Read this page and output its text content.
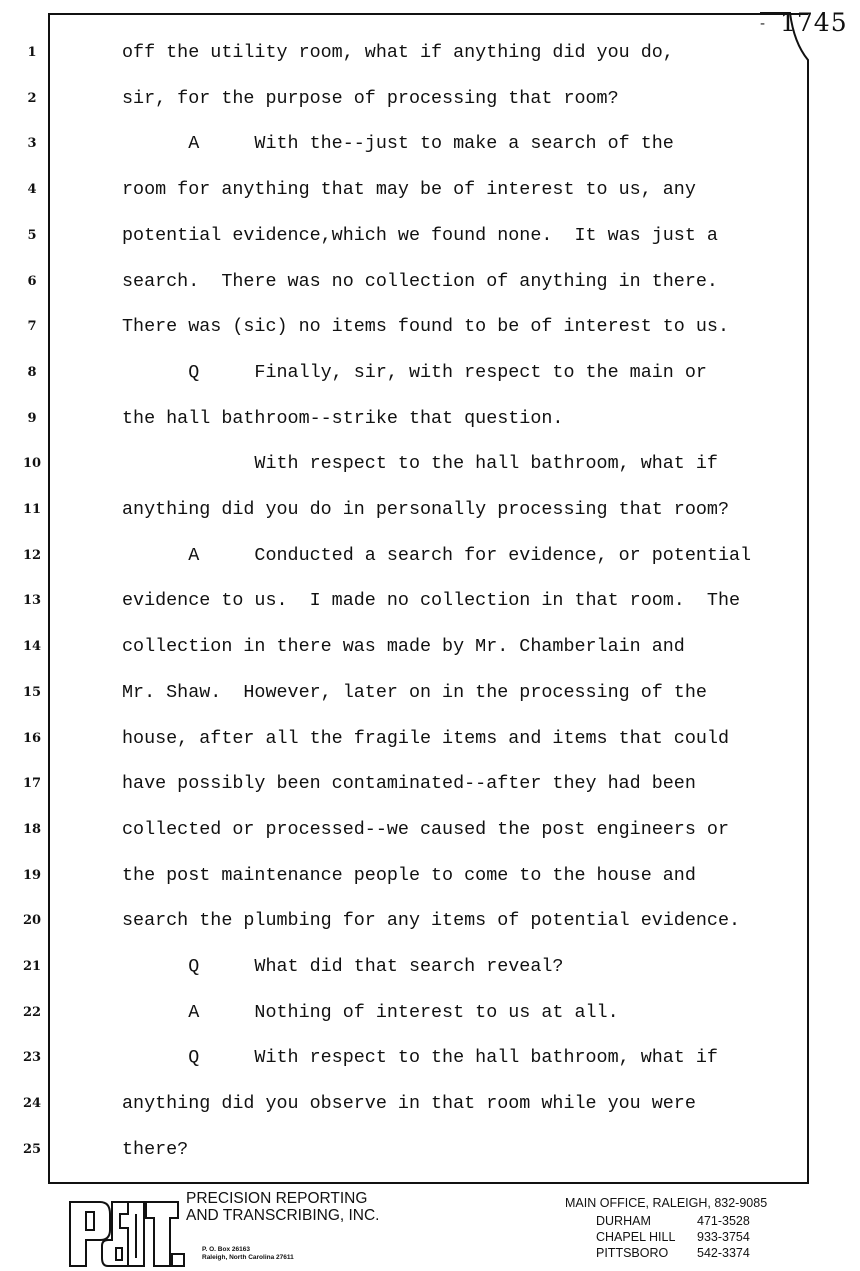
- 1745
1	off the utility room, what if anything did you do,
2	sir, for the purpose of processing that room?
3	A     With the--just to make a search of the
4	room for anything that may be of interest to us, any
5	potential evidence,which we found none.  It was just a
6	search.  There was no collection of anything in there.
7	There was (sic) no items found to be of interest to us.
8	Q     Finally, sir, with respect to the main or
9	the hall bathroom--strike that question.
10	With respect to the hall bathroom, what if
11	anything did you do in personally processing that room?
12	A     Conducted a search for evidence, or potential
13	evidence to us.  I made no collection in that room.  The
14	collection in there was made by Mr. Chamberlain and
15	Mr. Shaw.  However, later on in the processing of the
16	house, after all the fragile items and items that could
17	have possibly been contaminated--after they had been
18	collected or processed--we caused the post engineers or
19	the post maintenance people to come to the house and
20	search the plumbing for any items of potential evidence.
21	Q     What did that search reveal?
22	A     Nothing of interest to us at all.
23	Q     With respect to the hall bathroom, what if
24	anything did you observe in that room while you were
25	there?
PRECISION REPORTING
AND TRANSCRIBING, INC.
P. O. Box 26163
Raleigh, North Carolina 27611
MAIN OFFICE, RALEIGH, 832-9085
DURHAM	471-3528
CHAPEL HILL 933-3754
PITTSBORO 542-3374
